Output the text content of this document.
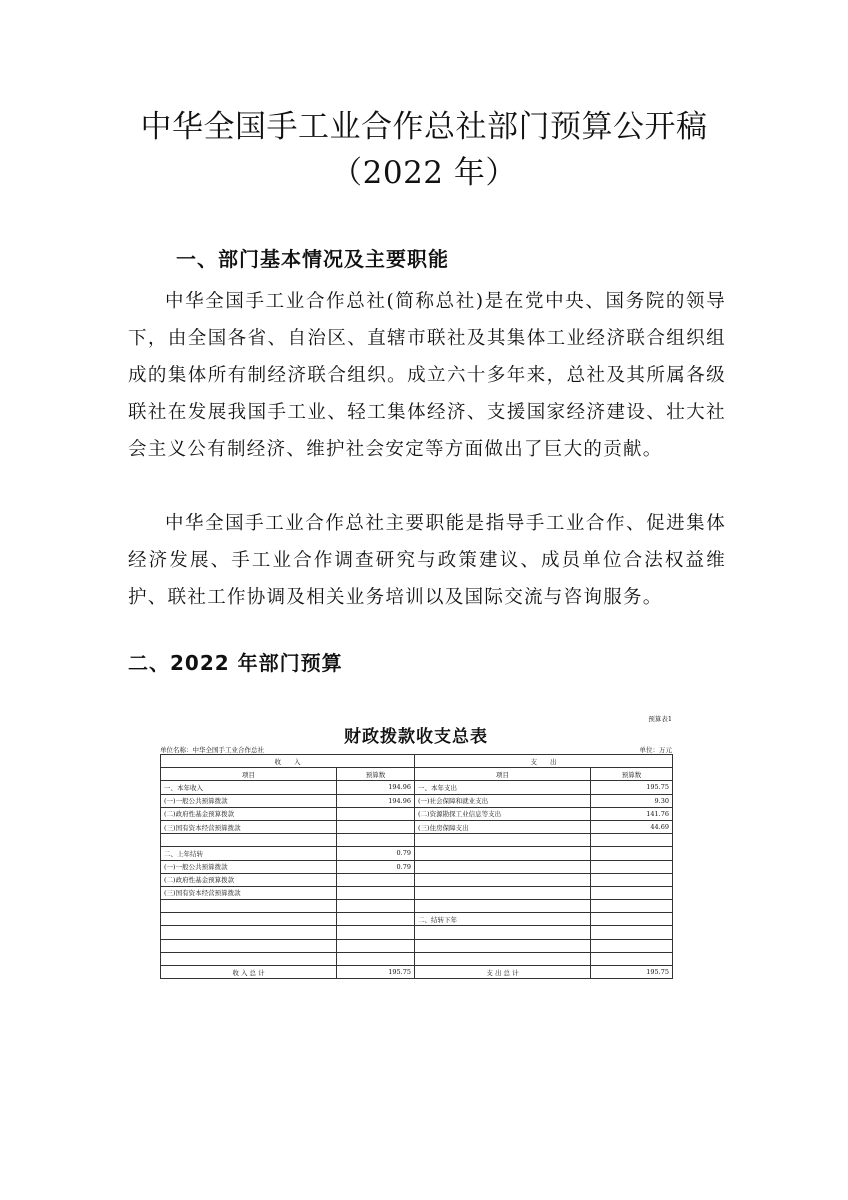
中华全国手工业合作总社部门预算公开稿
（2022 年）
一、部门基本情况及主要职能
中华全国手工业合作总社(简称总社)是在党中央、国务院的领导下，由全国各省、自治区、直辖市联社及其集体工业经济联合组织组成的集体所有制经济联合组织。成立六十多年来，总社及其所属各级联社在发展我国手工业、轻工集体经济、支援国家经济建设、壮大社会主义公有制经济、维护社会安定等方面做出了巨大的贡献。
中华全国手工业合作总社主要职能是指导手工业合作、促进集体经济发展、手工业合作调查研究与政策建议、成员单位合法权益维护、联社工作协调及相关业务培训以及国际交流与咨询服务。
二、2022 年部门预算
预算表1
财政拨款收支总表
单位名称：中华全国手工业合作总社	单位：万元
收　　入		支　　出	
项目	预算数	项目	预算数
一、本年收入	194.96	一、本年支出	195.75
(一)一般公共预算拨款	194.96	(一)社会保障和就业支出	9.30
(二)政府性基金预算拨款		(二)资源勘探工业信息等支出	141.76
(三)国有资本经营预算拨款		(三)住房保障支出	44.69

二、上年结转	0.79		
(一)一般公共预算拨款	0.79		
(二)政府性基金预算拨款			
(三)国有资本经营预算拨款			

		二、结转下年	

收 入 总 计	195.75	支 出 总 计	195.75
